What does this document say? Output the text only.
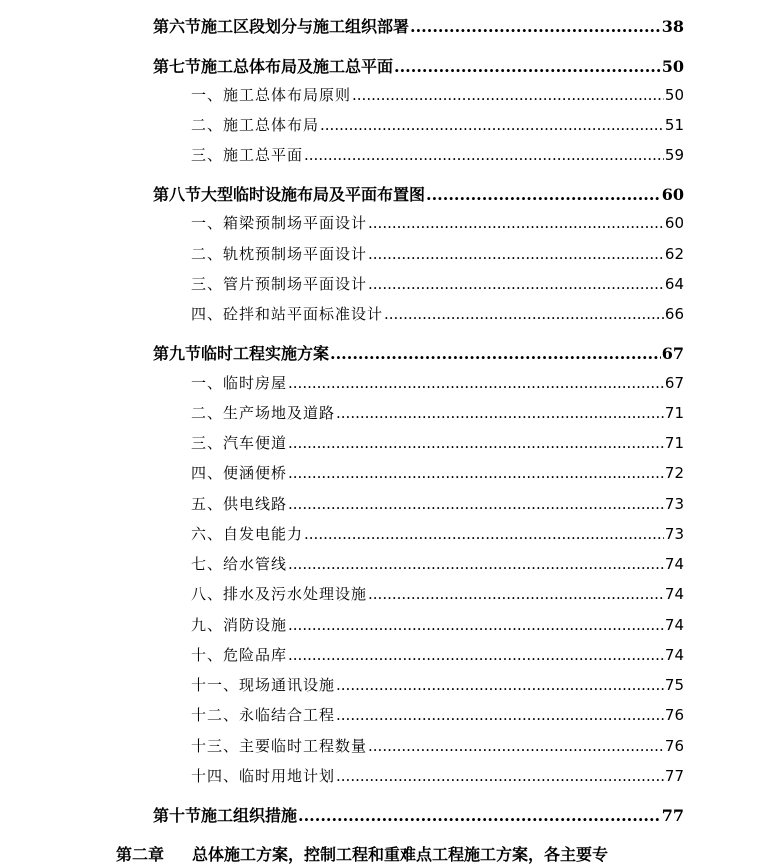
第六节 施工区段划分与施工组织部署 .....	38
第七节 施工总体布局及施工总平面 .....	50
一、施工总体布局原则 .....	50
二、施工总体布局 .....	51
三、施工总平面 .....	59
第八节 大型临时设施布局及平面布置图 .....	60
一、箱梁预制场平面设计 .....	60
二、轨枕预制场平面设计 .....	62
三、管片预制场平面设计 .....	64
四、砼拌和站平面标准设计 .....	66
第九节 临时工程实施方案 .....	67
一、临时房屋 .....	67
二、生产场地及道路 .....	71
三、汽车便道 .....	71
四、便涵便桥 .....	72
五、供电线路 .....	73
六、自发电能力 .....	73
七、给水管线 .....	74
八、排水及污水处理设施 .....	74
九、消防设施 .....	74
十、危险品库 .....	74
十一、现场通讯设施 .....	75
十二、永临结合工程 .....	76
十三、主要临时工程数量 .....	76
十四、临时用地计划 .....	77
第十节 施工组织措施 .....	77
第二章	总体施工方案，控制工程和重难点工程施工方案，各主要专
